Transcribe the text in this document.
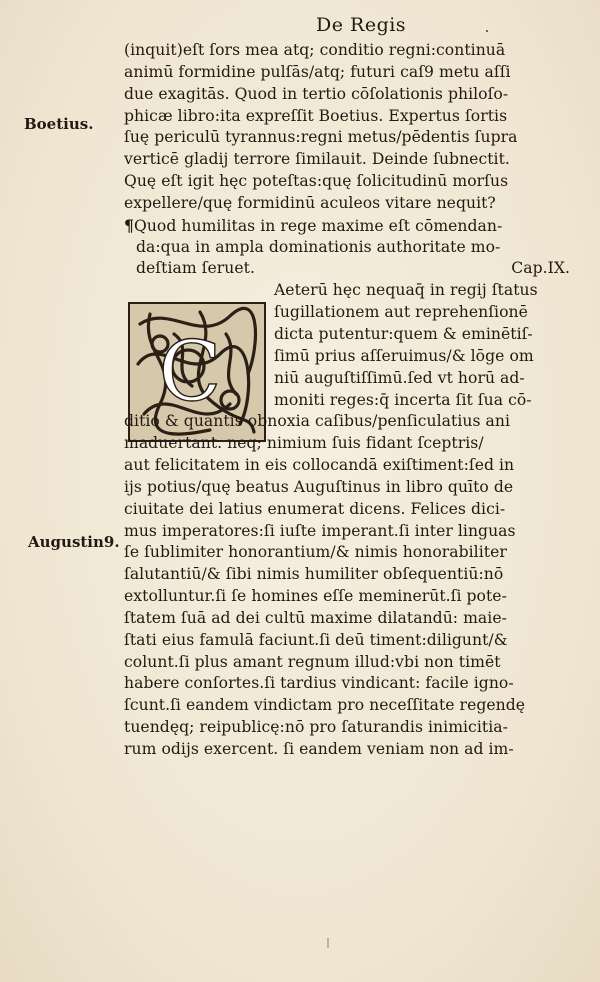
De Regis
Boetius.
Augustin9.
C
(inquit)eſt ſors mea atq; conditio regni:continuā
animū formidine pulſās/atq; futuri caſ9 metu aſſi
due exagitās. Quod in tertio cōſolationis philoſo-
phicæ libro:ita expreſſit Boetius. Expertus ſortis
ſuę periculū tyrannus:regni metus/pēdentis ſupra
verticē gladij terrore ſimilauit. Deinde ſubnectit.
Quę eſt igit hęc poteſtas:quę ſolicitudinū morſus
expellere/quę formidinū aculeos vitare nequit?
¶Quod humilitas in rege maxime eſt cōmendan-
da:qua in ampla dominationis authoritate mo-
deſtiam ſeruet.	Cap.IX.
Aeterū hęc nequaq̄ in regij ſtatus
ſugillationem aut reprehenſionē
dicta putentur:quem & eminētiſ-
ſimū prius aſſeruimus/& lōge om
niū auguſtiſſimū.ſed vt horū ad-
moniti reges:q̄ incerta ſit ſua cō-
ditio & quantis obnoxia caſibus/penſiculatius ani
maduertant. neq; nimium ſuis fidant ſceptris/
aut felicitatem in eis collocandā exiſtiment:ſed in
ijs potius/quę beatus Auguſtinus in libro quīto de
ciuitate dei latius enumerat dicens. Felices dici-
mus imperatores:ſi iuſte imperant.ſi inter linguas
ſe ſublimiter honorantium/& nimis honorabiliter
ſalutantiū/& ſibi nimis humiliter obſequentiū:nō
extolluntur.ſi ſe homines eſſe meminerūt.ſi pote-
ſtatem ſuā ad dei cultū maxime dilatandū: maie-
ſtati eius famulā faciunt.ſi deū timent:diligunt/&
colunt.ſi plus amant regnum illud:vbi non timēt
habere conſortes.ſi tardius vindicant: facile igno-
ſcunt.ſi eandem vindictam pro neceſſitate regendę
tuendęq; reipublicę:nō pro ſaturandis inimicitia-
rum odijs exercent. ſi eandem veniam non ad im-
